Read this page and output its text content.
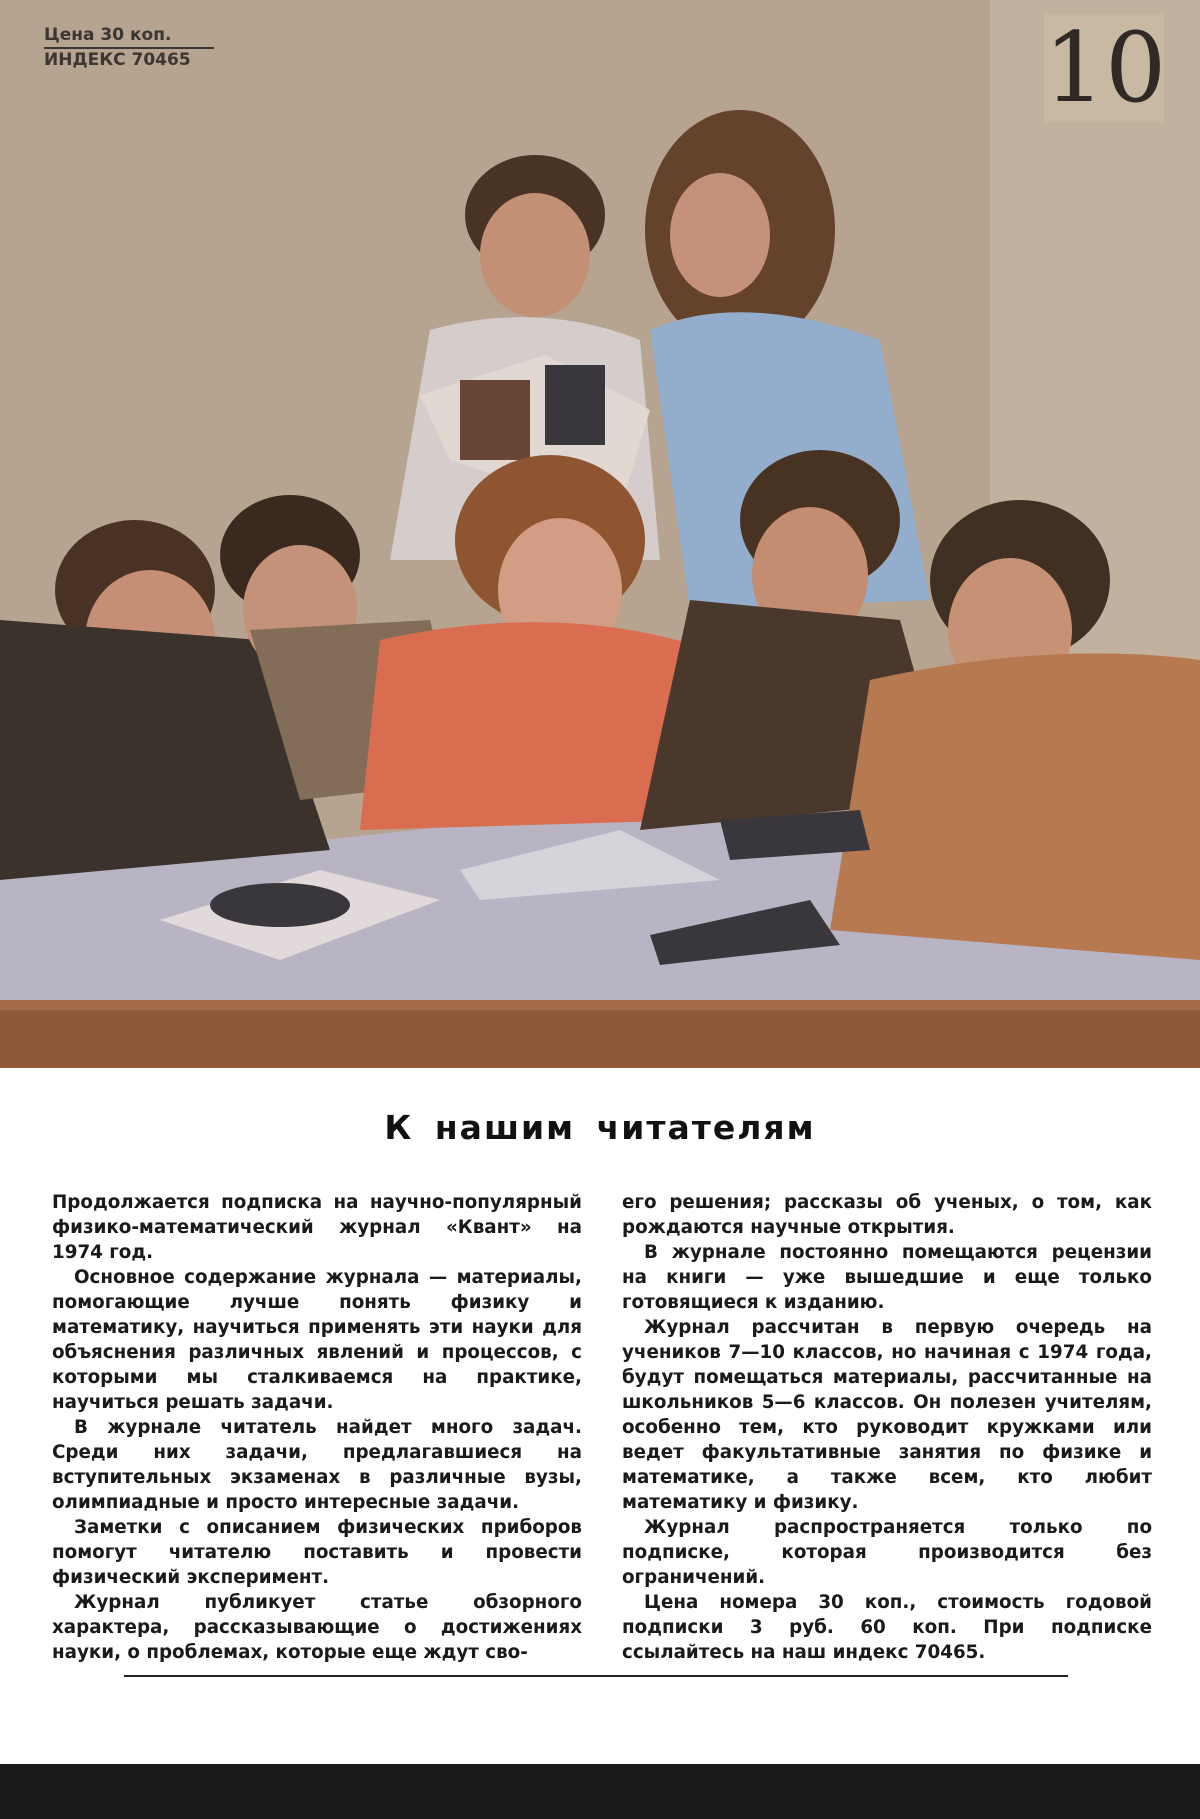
Цена 30 коп.
ИНДЕКС 70465	10
К нашим читателям

Продолжается подписка на научно-популярный физико-математический журнал «Квант» на 1974 год.

Основное содержание журнала — материалы, помогающие лучше понять физику и математику, научиться применять эти науки для объяснения различных явлений и процессов, с которыми мы сталкиваемся на практике, научиться решать задачи.

В журнале читатель найдет много задач. Среди них задачи, предлагавшиеся на вступительных экзаменах в различные вузы, олимпиадные и просто интересные задачи.

Заметки с описанием физических приборов помогут читателю поставить и провести физический эксперимент.

Журнал публикует статье обзорного характера, рассказывающие о достижениях науки, о проблемах, которые еще ждут сво-

его решения; рассказы об ученых, о том, как рождаются научные открытия.

В журнале постоянно помещаются рецензии на книги — уже вышедшие и еще только готовящиеся к изданию.

Журнал рассчитан в первую очередь на учеников 7—10 классов, но начиная с 1974 года, будут помещаться материалы, рассчитанные на школьников 5—6 классов. Он полезен учителям, особенно тем, кто руководит кружками или ведет факультативные занятия по физике и математике, а также всем, кто любит математику и физику.

Журнал распространяется только по подписке, которая производится без ограничений.

Цена номера 30 коп., стоимость годовой подписки 3 руб. 60 коп. При подписке ссылайтесь на наш индекс 70465.
